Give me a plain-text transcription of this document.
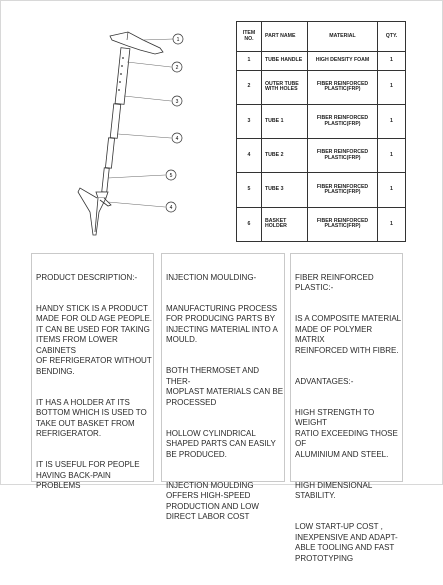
1
2
3
4
5
4
ITEM NO.	PART NAME	MATERIAL	QTY.
1	TUBE HANDLE	HIGH DENSITY FOAM	1
2	OUTER TUBE WITH HOLES	FIBER REINFORCED PLASTIC(FRP)	1
3	TUBE 1	FIBER REINFORCED PLASTIC(FRP)	1
4	TUBE 2	FIBER REINFORCED PLASTIC(FRP)	1
5	TUBE 3	FIBER REINFORCED PLASTIC(FRP)	1
6	BASKET HOLDER	FIBER REINFORCED PLASTIC(FRP)	1

PRODUCT DESCRIPTION:-

HANDY STICK IS A PRODUCT
MADE FOR OLD AGE PEOPLE.
IT CAN BE USED FOR TAKING
ITEMS FROM LOWER CABINETS
OF REFRIGERATOR WITHOUT
BENDING.

IT HAS A HOLDER AT ITS
BOTTOM WHICH IS USED TO
TAKE OUT BASKET FROM
REFRIGERATOR.

IT IS USEFUL FOR PEOPLE
HAVING BACK-PAIN PROBLEMS

INJECTION MOULDING-

MANUFACTURING PROCESS
FOR PRODUCING PARTS BY
INJECTING MATERIAL INTO A
MOULD.

BOTH THERMOSET AND THER-
MOPLAST MATERIALS CAN BE
PROCESSED

HOLLOW CYLINDRICAL
SHAPED PARTS CAN EASILY
BE PRODUCED.

INJECTION MOULDING
OFFERS HIGH-SPEED
PRODUCTION AND LOW
DIRECT LABOR COST

FIBER REINFORCED PLASTIC:-

IS A COMPOSITE MATERIAL
MADE OF POLYMER MATRIX
REINFORCED WITH FIBRE.

ADVANTAGES:-

HIGH STRENGTH TO WEIGHT
RATIO EXCEEDING THOSE OF
ALUMINIUM AND STEEL.

HIGH DIMENSIONAL
STABILITY.

LOW START-UP COST ,
INEXPENSIVE AND ADAPT-
ABLE TOOLING AND FAST
PROTOTYPING
